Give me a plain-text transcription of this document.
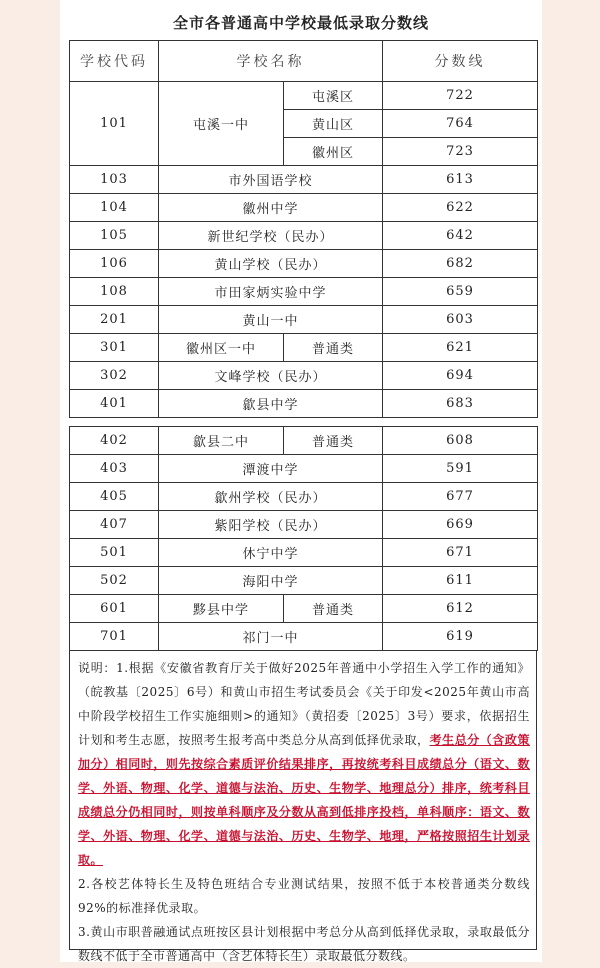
全市各普通高中学校最低录取分数线
学校代码	学校名称		分数线
101	屯溪一中	屯溪区	722
		黄山区	764
		徽州区	723
103	市外国语学校		613
104	徽州中学		622
105	新世纪学校（民办）		642
106	黄山学校（民办）		682
108	市田家炳实验中学		659
201	黄山一中		603
301	徽州区一中	普通类	621
302	文峰学校（民办）		694
401	歙县中学		683
402	歙县二中	普通类	608
403	潭渡中学		591
405	歙州学校（民办）		677
407	紫阳学校（民办）		669
501	休宁中学		671
502	海阳中学		611
601	黟县中学	普通类	612
701	祁门一中		619

说明：1.根据《安徽省教育厅关于做好2025年普通中小学招生入学工作的通知》（皖教基〔2025〕6号）和黄山市招生考试委员会《关于印发<2025年黄山市高中阶段学校招生工作实施细则>的通知》（黄招委〔2025〕3号）要求，依据招生计划和考生志愿，按照考生报考高中类总分从高到低择优录取，考生总分（含政策加分）相同时，则先按综合素质评价结果排序，再按统考科目成绩总分（语文、数学、外语、物理、化学、道德与法治、历史、生物学、地理总分）排序，统考科目成绩总分仍相同时，则按单科顺序及分数从高到低排序投档，单科顺序：语文、数学、外语、物理、化学、道德与法治、历史、生物学、地理，严格按照招生计划录取。

2.各校艺体特长生及特色班结合专业测试结果，按照不低于本校普通类分数线92%的标准择优录取。

3.黄山市职普融通试点班按区县计划根据中考总分从高到低择优录取，录取最低分数线不低于全市普通高中（含艺体特长生）录取最低分数线。
